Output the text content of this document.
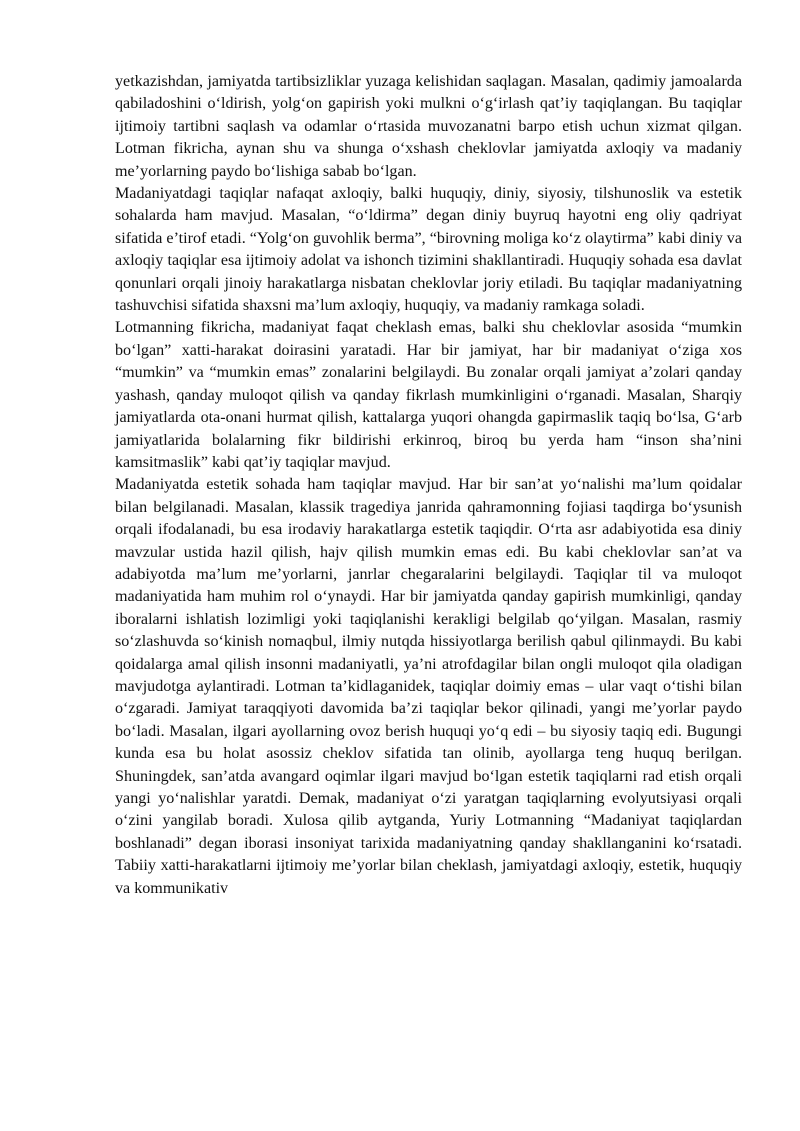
yetkazishdan, jamiyatda tartibsizliklar yuzaga kelishidan saqlagan. Masalan, qadimiy jamoalarda qabiladoshini o‘ldirish, yolg‘on gapirish yoki mulkni o‘g‘irlash qat’iy taqiqlangan. Bu taqiqlar ijtimoiy tartibni saqlash va odamlar o‘rtasida muvozanatni barpo etish uchun xizmat qilgan. Lotman fikricha, aynan shu va shunga o‘xshash cheklovlar jamiyatda axloqiy va madaniy me’yorlarning paydo bo‘lishiga sabab bo‘lgan.

Madaniyatdagi taqiqlar nafaqat axloqiy, balki huquqiy, diniy, siyosiy, tilshunoslik va estetik sohalarda ham mavjud. Masalan, “o‘ldirma” degan diniy buyruq hayotni eng oliy qadriyat sifatida e’tirof etadi. “Yolg‘on guvohlik berma”, “birovning moliga ko‘z olaytirma” kabi diniy va axloqiy taqiqlar esa ijtimoiy adolat va ishonch tizimini shakllantiradi. Huquqiy sohada esa davlat qonunlari orqali jinoiy harakatlarga nisbatan cheklovlar joriy etiladi. Bu taqiqlar madaniyatning tashuvchisi sifatida shaxsni ma’lum axloqiy, huquqiy, va madaniy ramkaga soladi.

Lotmanning fikricha, madaniyat faqat cheklash emas, balki shu cheklovlar asosida “mumkin bo‘lgan” xatti-harakat doirasini yaratadi. Har bir jamiyat, har bir madaniyat o‘ziga xos “mumkin” va “mumkin emas” zonalarini belgilaydi. Bu zonalar orqali jamiyat a’zolari qanday yashash, qanday muloqot qilish va qanday fikrlash mumkinligini o‘rganadi. Masalan, Sharqiy jamiyatlarda ota-onani hurmat qilish, kattalarga yuqori ohangda gapirmaslik taqiq bo‘lsa, G‘arb jamiyatlarida bolalarning fikr bildirishi erkinroq, biroq bu yerda ham “inson sha’nini kamsitmaslik” kabi qat’iy taqiqlar mavjud.

Madaniyatda estetik sohada ham taqiqlar mavjud. Har bir san’at yo‘nalishi ma’lum qoidalar bilan belgilanadi. Masalan, klassik tragediya janrida qahramonning fojiasi taqdirga bo‘ysunish orqali ifodalanadi, bu esa irodaviy harakatlarga estetik taqiqdir. O‘rta asr adabiyotida esa diniy mavzular ustida hazil qilish, hajv qilish mumkin emas edi. Bu kabi cheklovlar san’at va adabiyotda ma’lum me’yorlarni, janrlar chegaralarini belgilaydi. Taqiqlar til va muloqot madaniyatida ham muhim rol o‘ynaydi. Har bir jamiyatda qanday gapirish mumkinligi, qanday iboralarni ishlatish lozimligi yoki taqiqlanishi kerakligi belgilab qo‘yilgan. Masalan, rasmiy so‘zlashuvda so‘kinish nomaqbul, ilmiy nutqda hissiyotlarga berilish qabul qilinmaydi. Bu kabi qoidalarga amal qilish insonni madaniyatli, ya’ni atrofdagilar bilan ongli muloqot qila oladigan mavjudotga aylantiradi. Lotman ta’kidlaganidek, taqiqlar doimiy emas – ular vaqt o‘tishi bilan o‘zgaradi. Jamiyat taraqqiyoti davomida ba’zi taqiqlar bekor qilinadi, yangi me’yorlar paydo bo‘ladi. Masalan, ilgari ayollarning ovoz berish huquqi yo‘q edi – bu siyosiy taqiq edi. Bugungi kunda esa bu holat asossiz cheklov sifatida tan olinib, ayollarga teng huquq berilgan. Shuningdek, san’atda avangard oqimlar ilgari mavjud bo‘lgan estetik taqiqlarni rad etish orqali yangi yo‘nalishlar yaratdi. Demak, madaniyat o‘zi yaratgan taqiqlarning evolyutsiyasi orqali o‘zini yangilab boradi. Xulosa qilib aytganda, Yuriy Lotmanning “Madaniyat taqiqlardan boshlanadi” degan iborasi insoniyat tarixida madaniyatning qanday shakllanganini ko‘rsatadi. Tabiiy xatti-harakatlarni ijtimoiy me’yorlar bilan cheklash, jamiyatdagi axloqiy, estetik, huquqiy va kommunikativ
